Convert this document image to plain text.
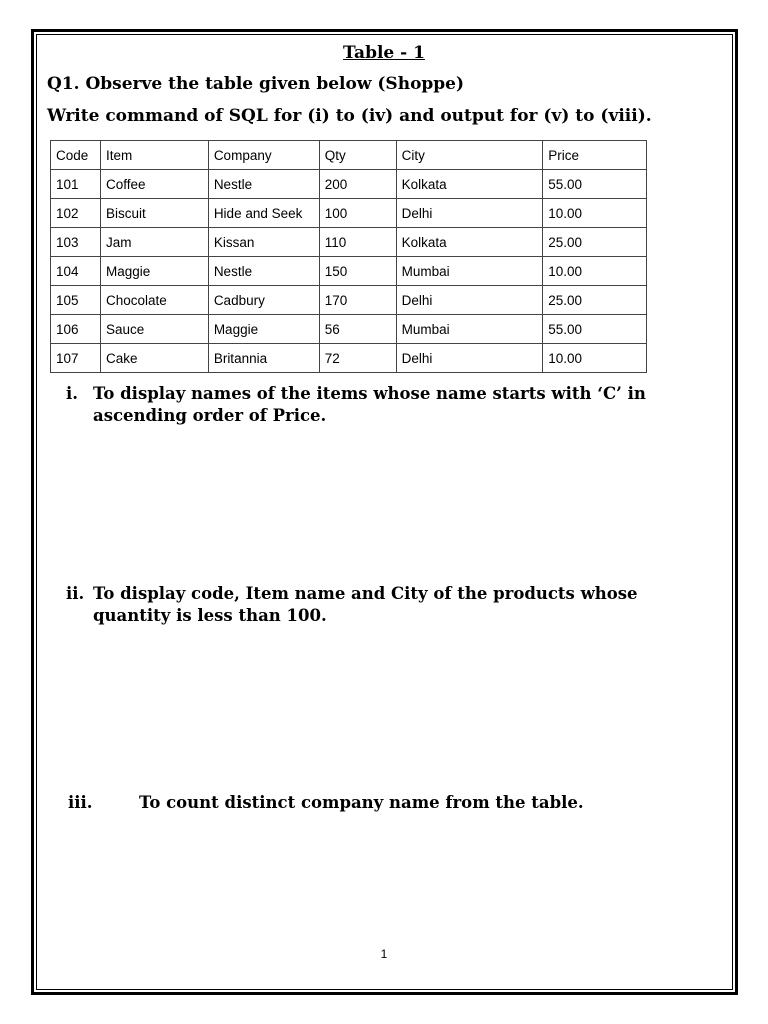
Table - 1
Q1. Observe the table given below (Shoppe)
Write command of SQL for (i) to (iv) and output for (v) to (viii).
Code	Item	Company	Qty	City	Price
101	Coffee	Nestle	200	Kolkata	55.00
102	Biscuit	Hide and Seek	100	Delhi	10.00
103	Jam	Kissan	110	Kolkata	25.00
104	Maggie	Nestle	150	Mumbai	10.00
105	Chocolate	Cadbury	170	Delhi	25.00
106	Sauce	Maggie	56	Mumbai	55.00
107	Cake	Britannia	72	Delhi	10.00
i. To display names of the items whose name starts with ‘C’ in
ascending order of Price.
ii. To display code, Item name and City of the products whose
quantity is less than 100.
iii.	To count distinct company name from the table.
1
